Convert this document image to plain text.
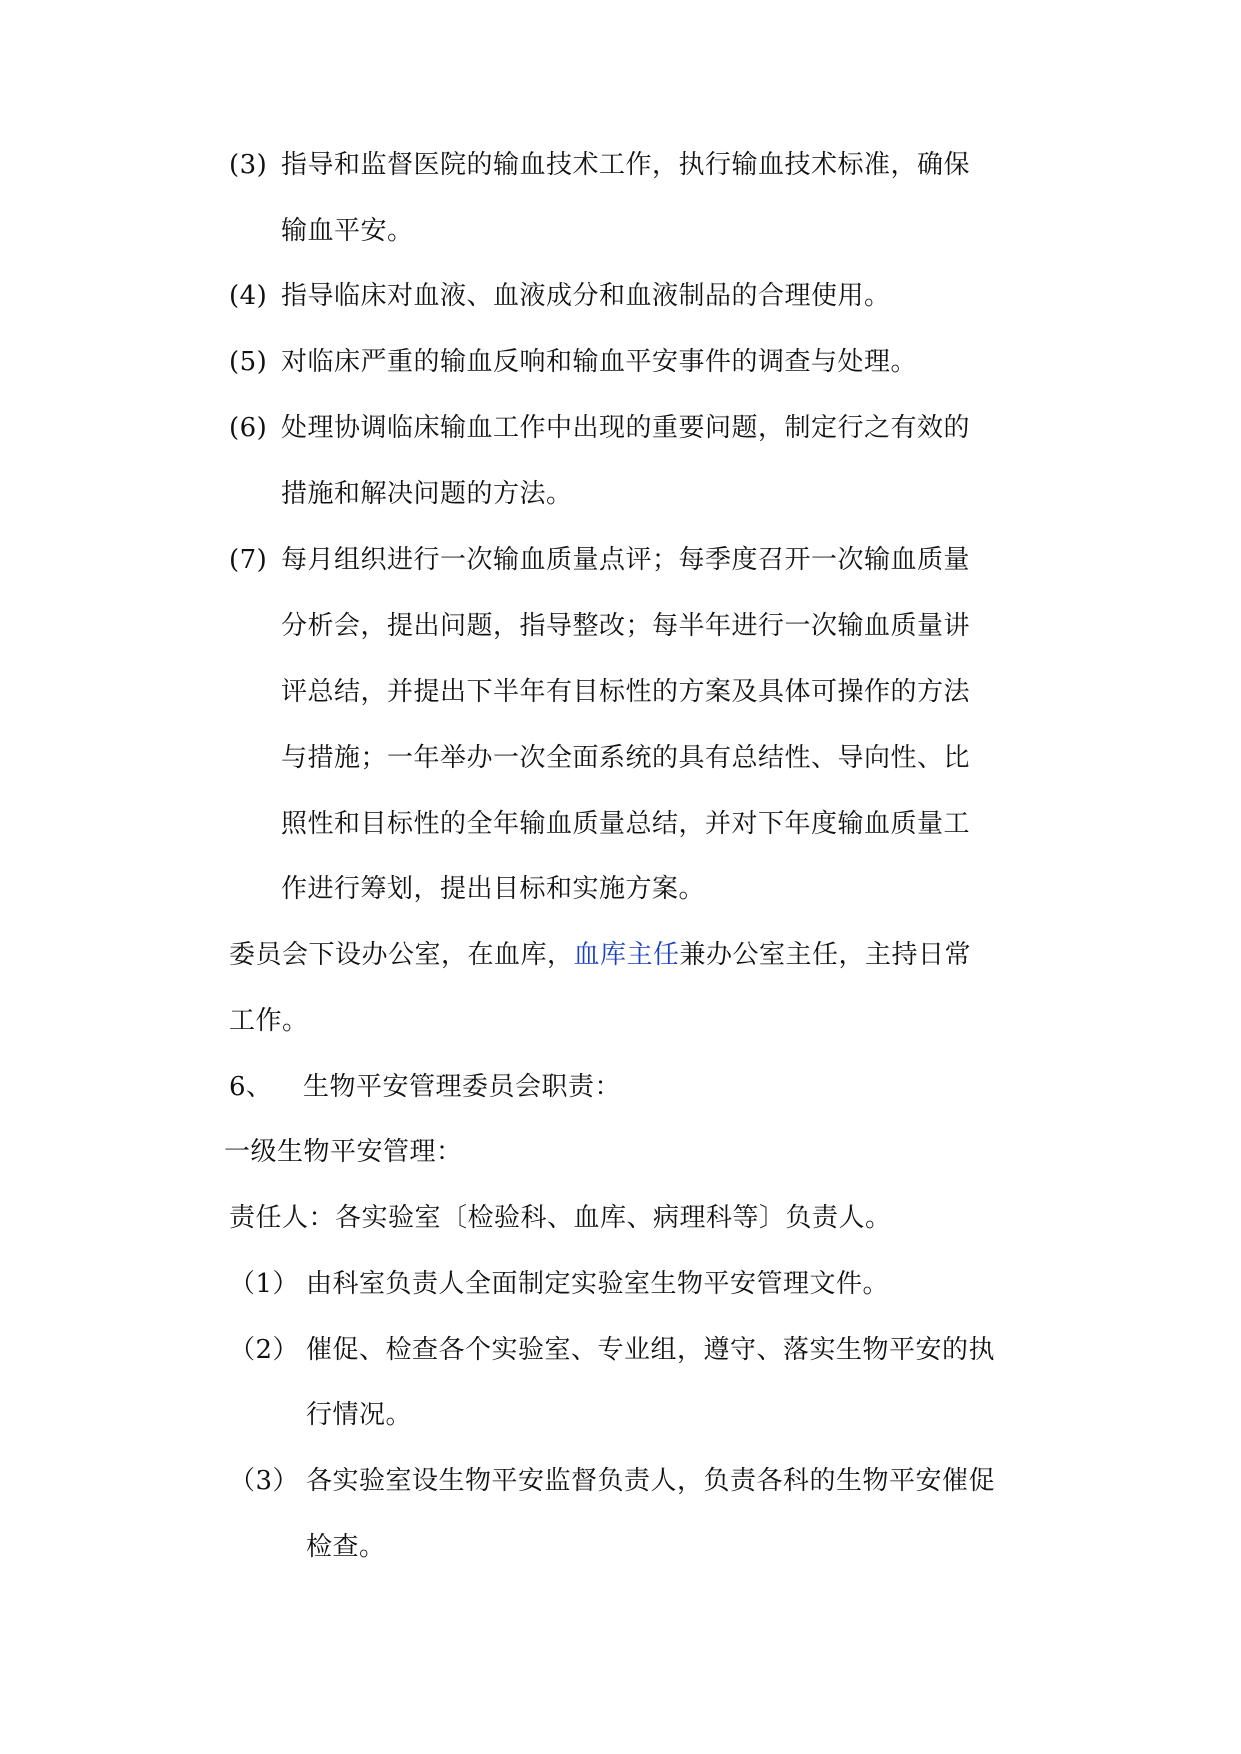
(3) 指导和监督医院的输血技术工作，执行输血技术标准，确保
输血平安。
(4) 指导临床对血液、血液成分和血液制品的合理使用。
(5) 对临床严重的输血反响和输血平安事件的调查与处理。
(6) 处理协调临床输血工作中出现的重要问题，制定行之有效的
措施和解决问题的方法。
(7) 每月组织进行一次输血质量点评；每季度召开一次输血质量
分析会，提出问题，指导整改；每半年进行一次输血质量讲
评总结，并提出下半年有目标性的方案及具体可操作的方法
与措施；一年举办一次全面系统的具有总结性、导向性、比
照性和目标性的全年输血质量总结，并对下年度输血质量工
作进行筹划，提出目标和实施方案。
委员会下设办公室，在血库，血库主任兼办公室主任，主持日常
工作。
6、 生物平安管理委员会职责：
一级生物平安管理：
责任人：各实验室〔检验科、血库、病理科等〕负责人。
（1） 由科室负责人全面制定实验室生物平安管理文件。
（2） 催促、检查各个实验室、专业组，遵守、落实生物平安的执
行情况。
（3） 各实验室设生物平安监督负责人，负责各科的生物平安催促
检查。
